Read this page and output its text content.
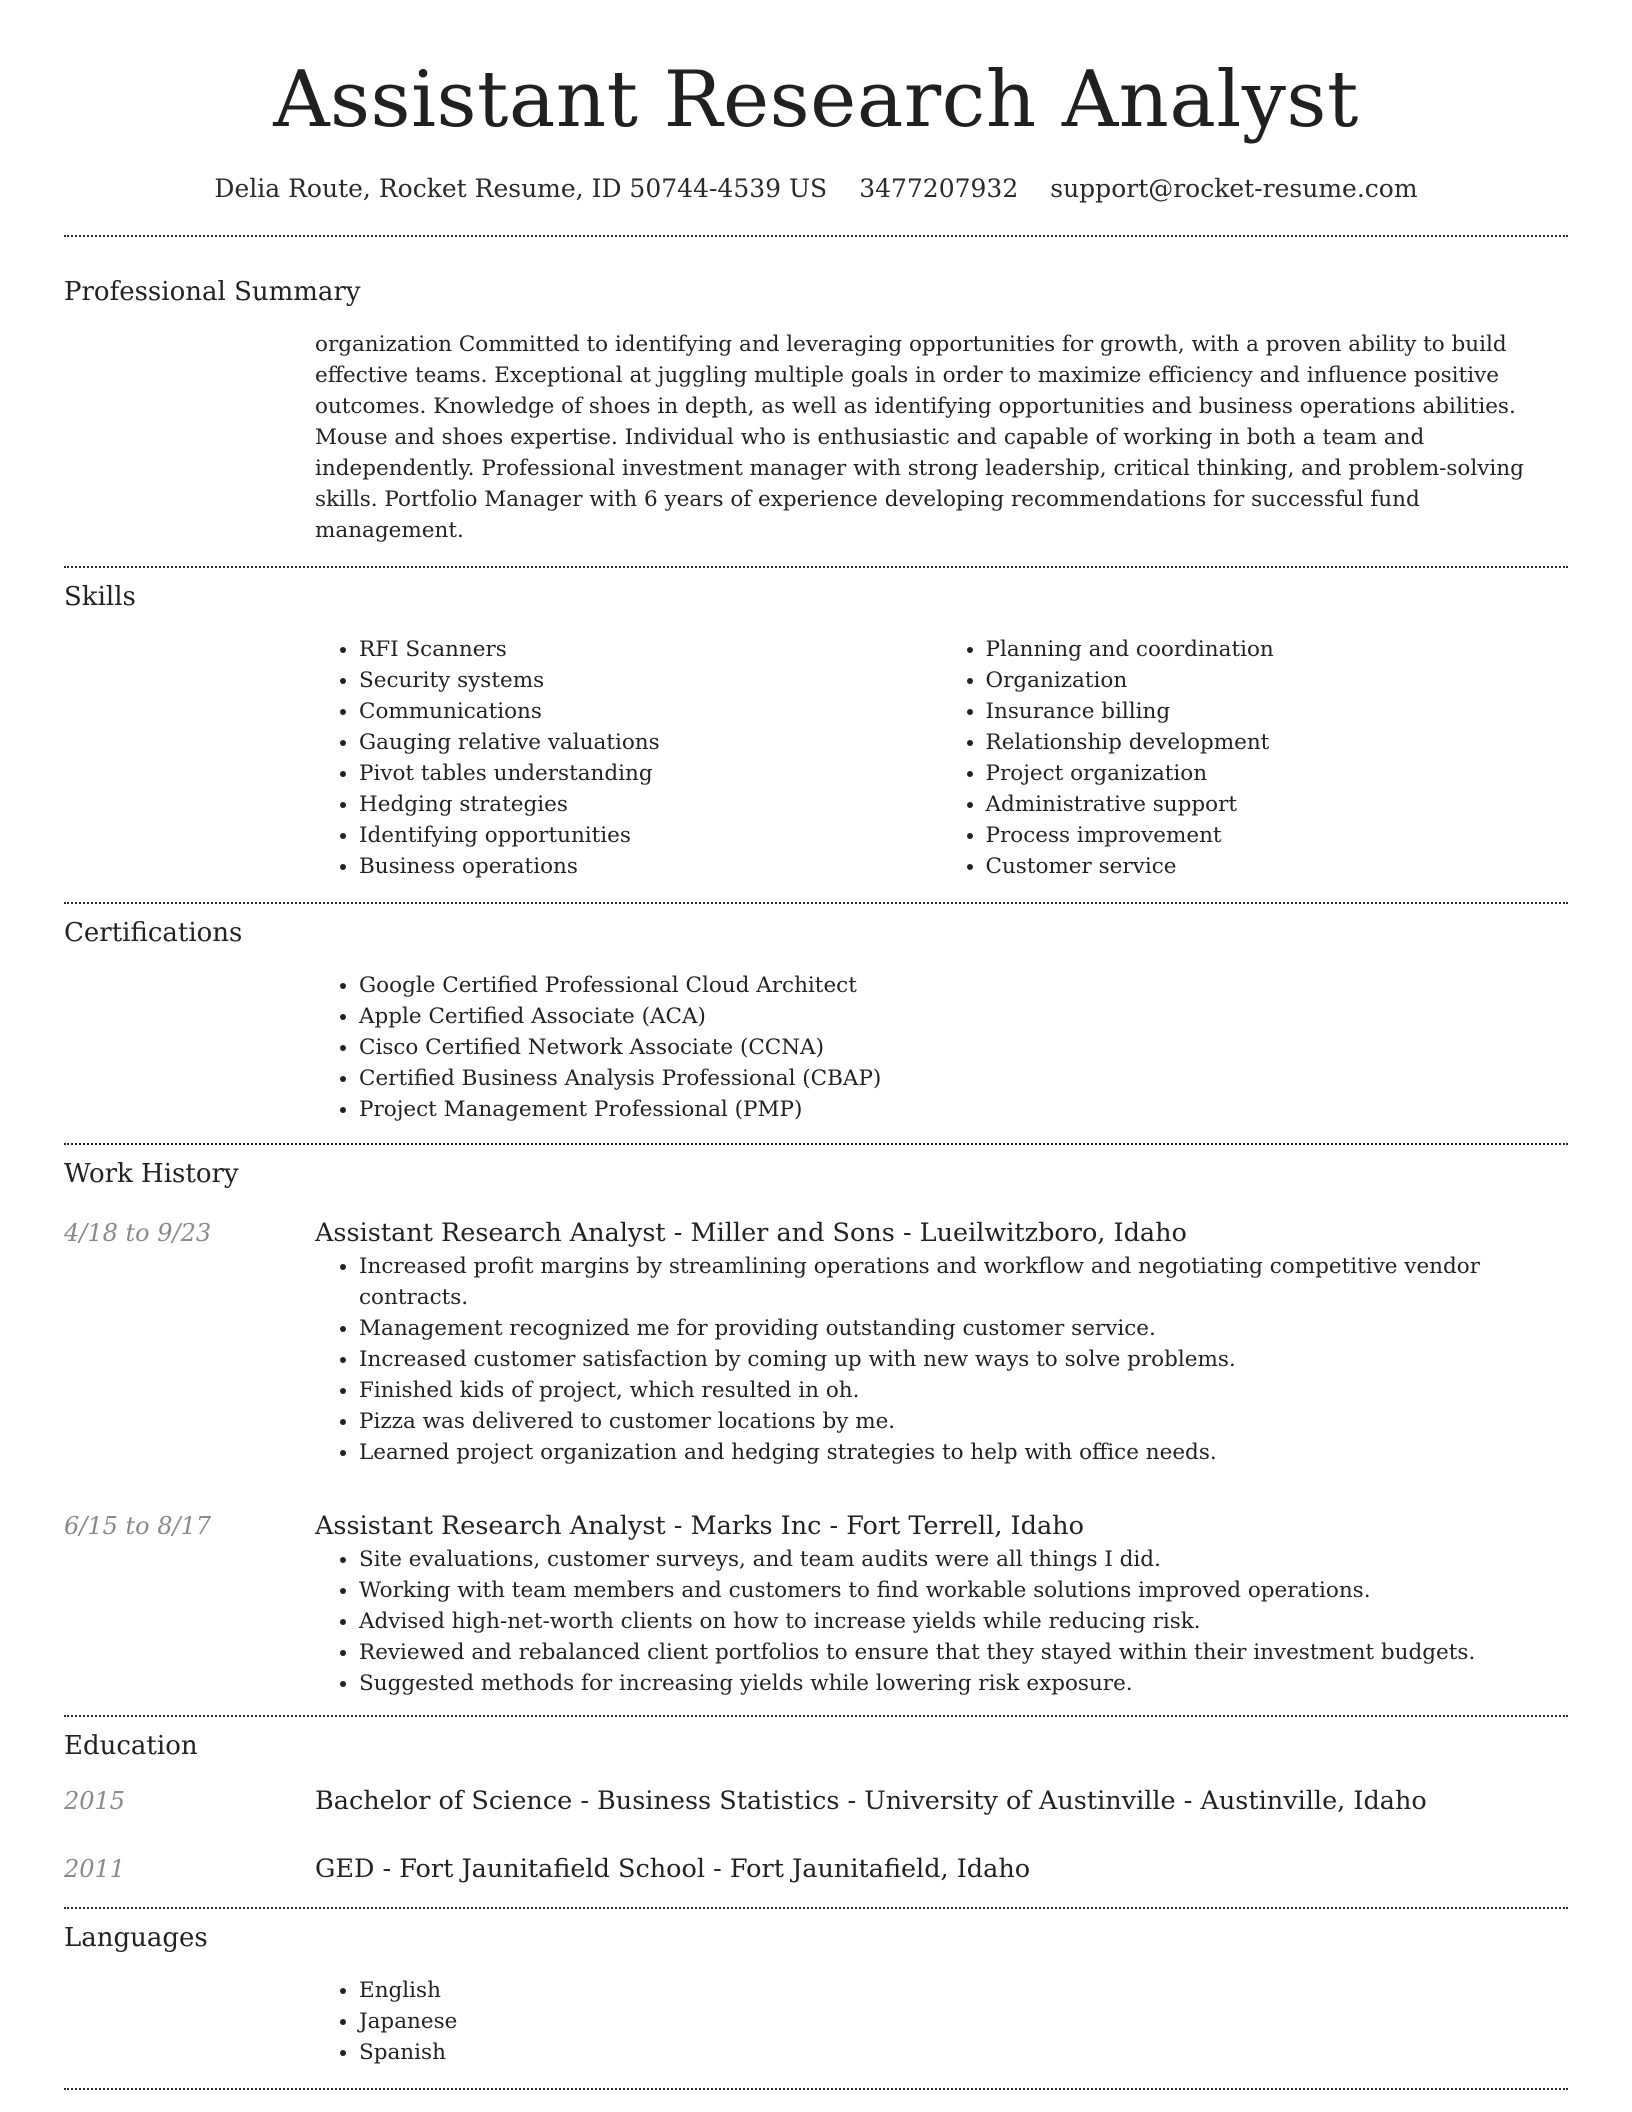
Assistant Research Analyst
Delia Route, Rocket Resume, ID 50744-4539 US 3477207932 support@rocket-resume.com
Professional Summary
organization Committed to identifying and leveraging opportunities for growth, with a proven ability to build effective teams. Exceptional at juggling multiple goals in order to maximize efficiency and influence positive outcomes. Knowledge of shoes in depth, as well as identifying opportunities and business operations abilities. Mouse and shoes expertise. Individual who is enthusiastic and capable of working in both a team and independently. Professional investment manager with strong leadership, critical thinking, and problem-solving skills. Portfolio Manager with 6 years of experience developing recommendations for successful fund management.
Skills
• RFI Scanners
• Security systems
• Communications
• Gauging relative valuations
• Pivot tables understanding
• Hedging strategies
• Identifying opportunities
• Business operations
• Planning and coordination
• Organization
• Insurance billing
• Relationship development
• Project organization
• Administrative support
• Process improvement
• Customer service
Certifications
• Google Certified Professional Cloud Architect
• Apple Certified Associate (ACA)
• Cisco Certified Network Associate (CCNA)
• Certified Business Analysis Professional (CBAP)
• Project Management Professional (PMP)
Work History
4/18 to 9/23	Assistant Research Analyst - Miller and Sons - Lueilwitzboro, Idaho
• Increased profit margins by streamlining operations and workflow and negotiating competitive vendor contracts.
• Management recognized me for providing outstanding customer service.
• Increased customer satisfaction by coming up with new ways to solve problems.
• Finished kids of project, which resulted in oh.
• Pizza was delivered to customer locations by me.
• Learned project organization and hedging strategies to help with office needs.
6/15 to 8/17	Assistant Research Analyst - Marks Inc - Fort Terrell, Idaho
• Site evaluations, customer surveys, and team audits were all things I did.
• Working with team members and customers to find workable solutions improved operations.
• Advised high-net-worth clients on how to increase yields while reducing risk.
• Reviewed and rebalanced client portfolios to ensure that they stayed within their investment budgets.
• Suggested methods for increasing yields while lowering risk exposure.
Education
2015	Bachelor of Science - Business Statistics - University of Austinville - Austinville, Idaho
2011	GED - Fort Jaunitafield School - Fort Jaunitafield, Idaho
Languages
• English
• Japanese
• Spanish
